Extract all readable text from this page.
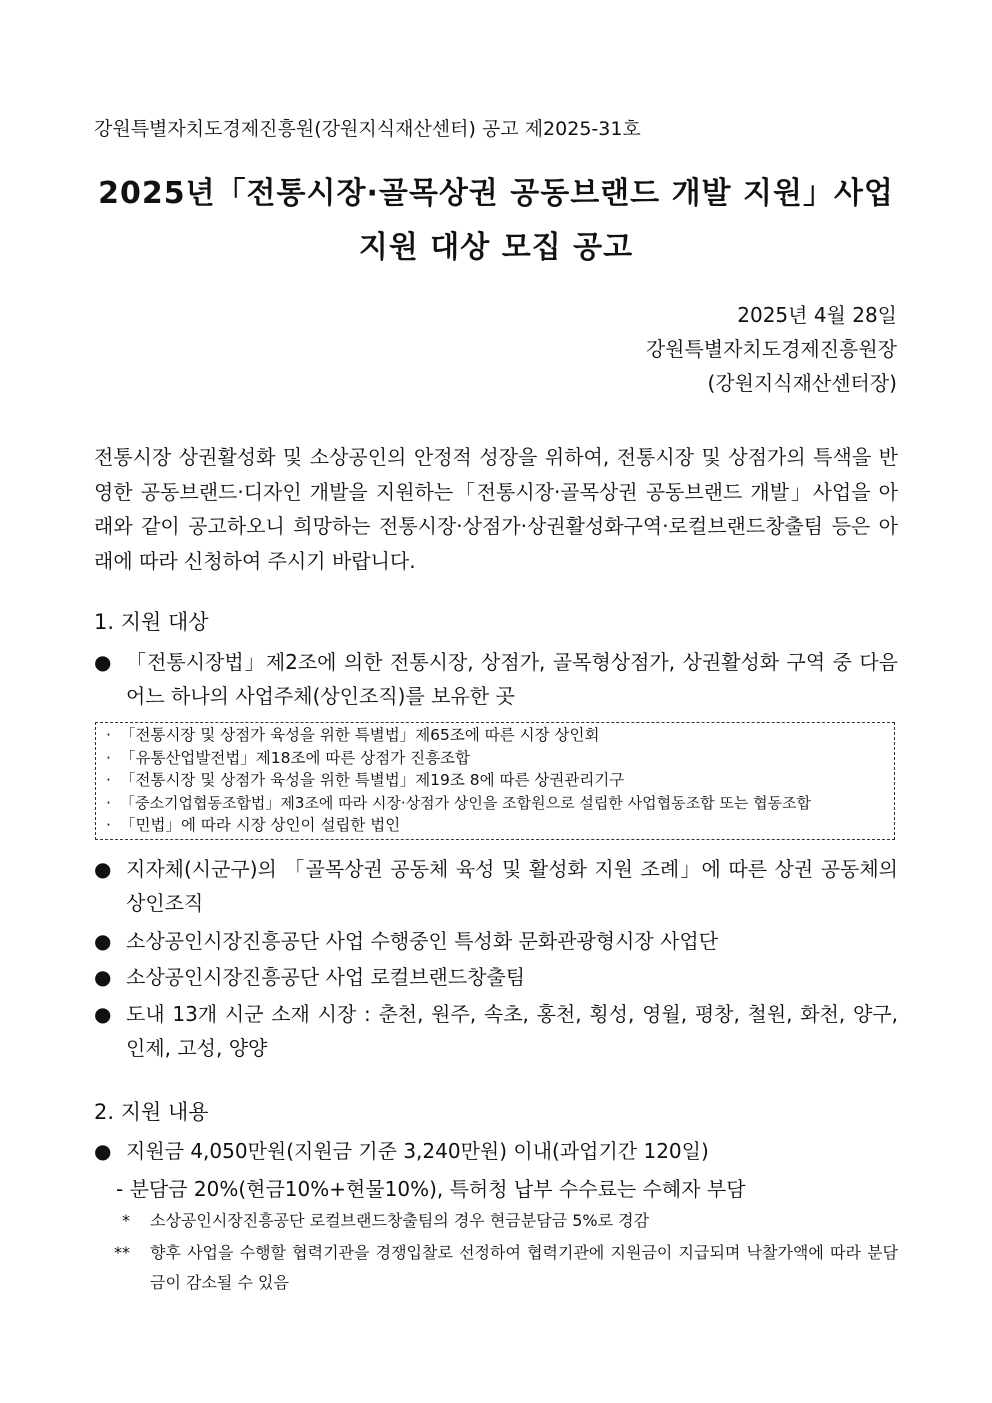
강원특별자치도경제진흥원(강원지식재산센터) 공고 제2025-31호
2025년「전통시장·골목상권 공동브랜드 개발 지원」사업
지원 대상 모집 공고
2025년 4월 28일
강원특별자치도경제진흥원장
(강원지식재산센터장)
전통시장 상권활성화 및 소상공인의 안정적 성장을 위하여, 전통시장 및 상점가의 특색을 반영한 공동브랜드·디자인 개발을 지원하는「전통시장·골목상권 공동브랜드 개발」사업을 아래와 같이 공고하오니 희망하는 전통시장·상점가·상권활성화구역·로컬브랜드창출팀 등은 아래에 따라 신청하여 주시기 바랍니다.
1. 지원 대상
● 「전통시장법」제2조에 의한 전통시장, 상점가, 골목형상점가, 상권활성화 구역 중 다음 어느 하나의 사업주체(상인조직)를 보유한 곳
· 「전통시장 및 상점가 육성을 위한 특별법」제65조에 따른 시장 상인회
· 「유통산업발전법」제18조에 따른 상점가 진흥조합
· 「전통시장 및 상점가 육성을 위한 특별법」제19조 8에 따른 상권관리기구
· 「중소기업협동조합법」제3조에 따라 시장·상점가 상인을 조합원으로 설립한 사업협동조합 또는 협동조합
· 「민법」에 따라 시장 상인이 설립한 법인
● 지자체(시군구)의 「골목상권 공동체 육성 및 활성화 지원 조례」에 따른 상권 공동체의 상인조직
● 소상공인시장진흥공단 사업 수행중인 특성화 문화관광형시장 사업단
● 소상공인시장진흥공단 사업 로컬브랜드창출팀
● 도내 13개 시군 소재 시장 : 춘천, 원주, 속초, 홍천, 횡성, 영월, 평창, 철원, 화천, 양구, 인제, 고성, 양양
2. 지원 내용
● 지원금 4,050만원(지원금 기준 3,240만원) 이내(과업기간 120일)
- 분담금 20%(현금10%+현물10%), 특허청 납부 수수료는 수혜자 부담
*	소상공인시장진흥공단 로컬브랜드창출팀의 경우 현금분담금 5%로 경감
**	향후 사업을 수행할 협력기관을 경쟁입찰로 선정하여 협력기관에 지원금이 지급되며 낙찰가액에 따라 분담금이 감소될 수 있음
